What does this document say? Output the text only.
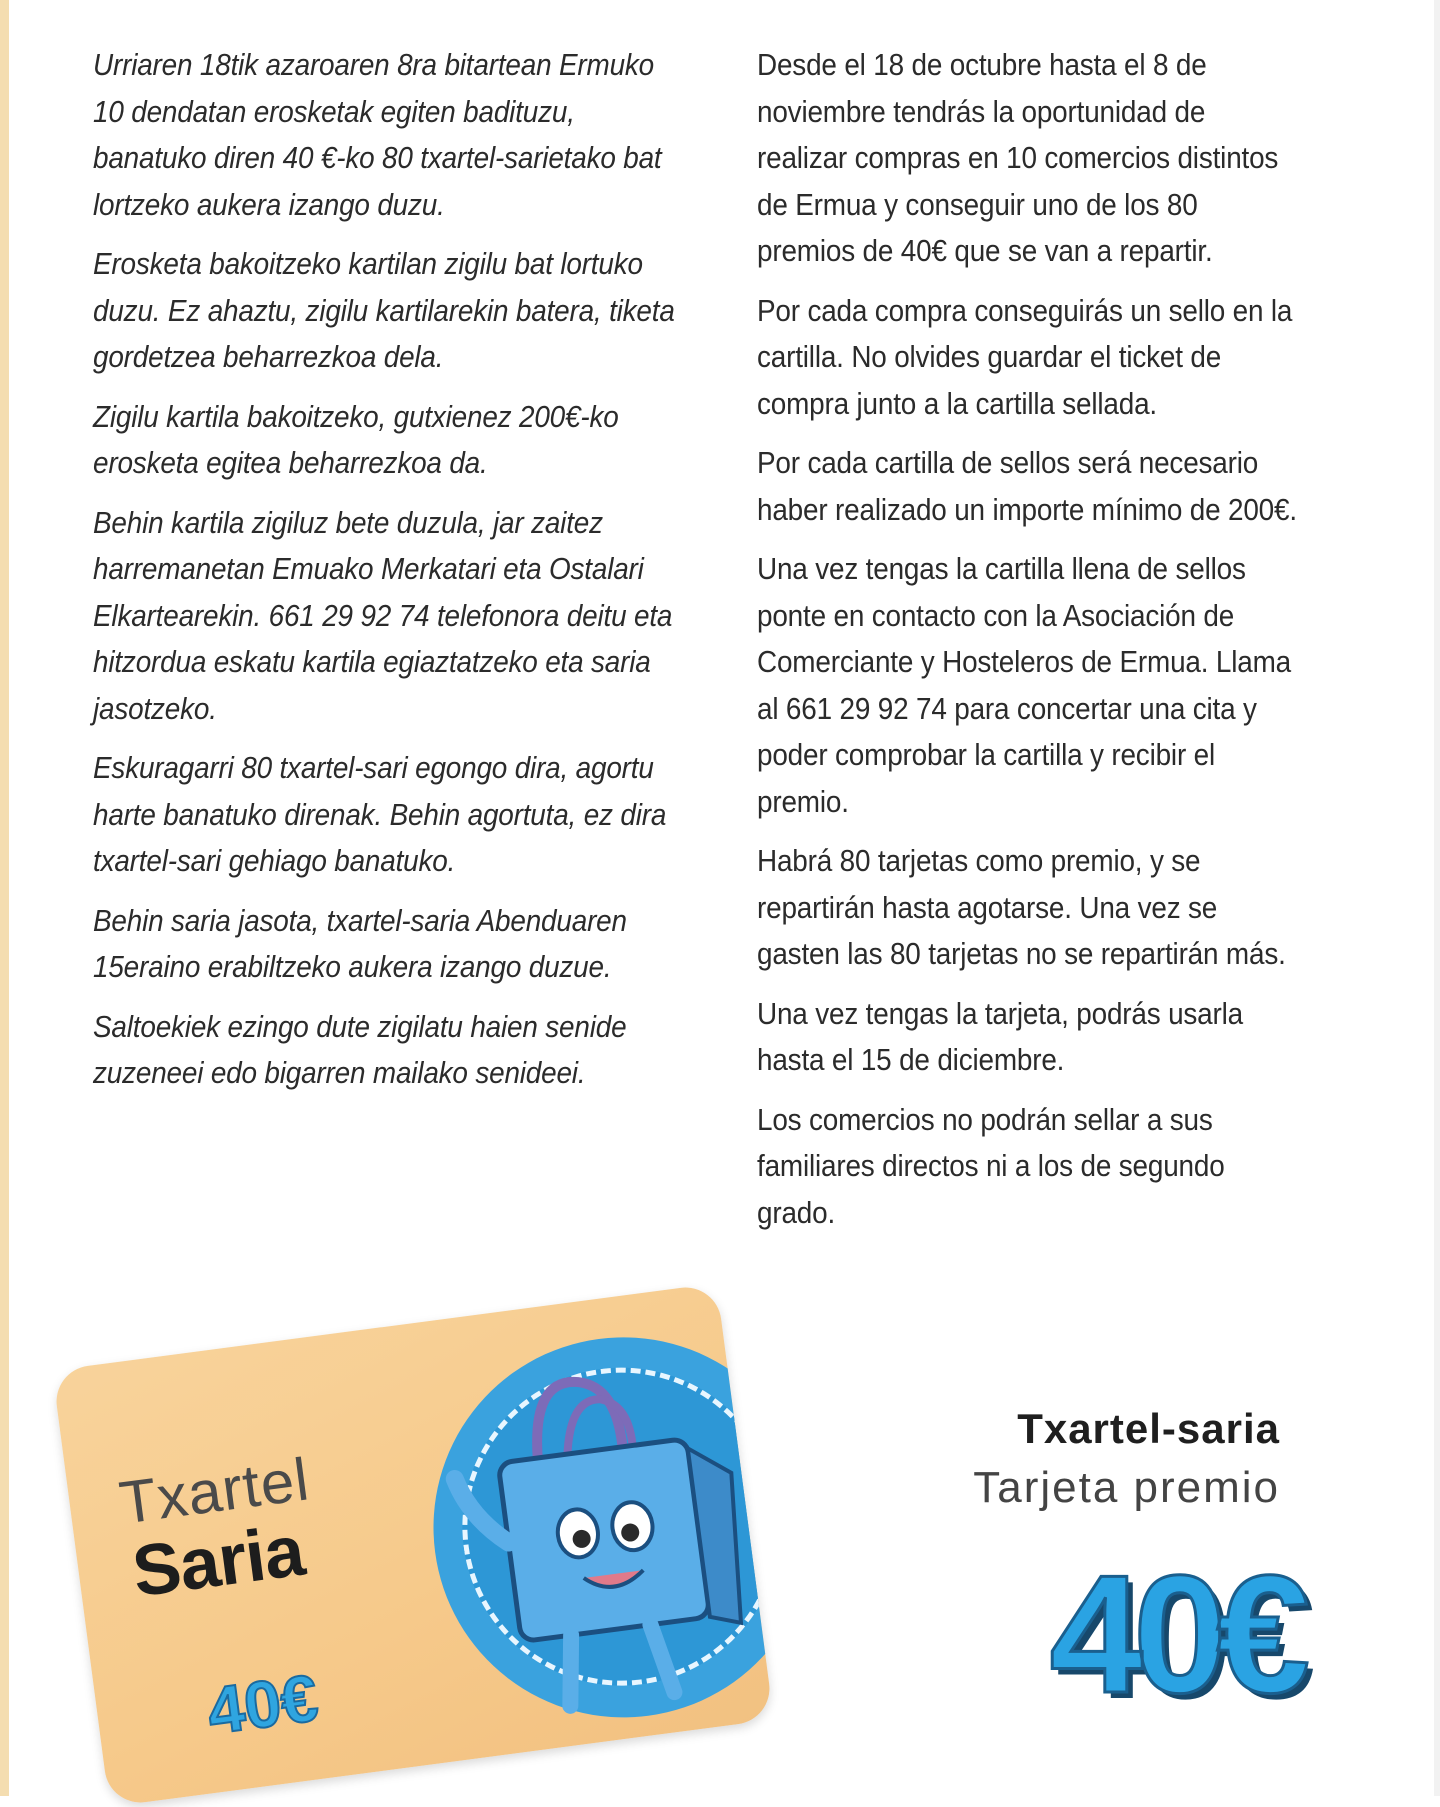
Urriaren 18tik azaroaren 8ra bitartean Ermuko 10 dendatan erosketak egiten badituzu, banatuko diren 40 €-ko 80 txartel-sarietako bat lortzeko aukera izango duzu.

Erosketa bakoitzeko kartilan zigilu bat lortuko duzu. Ez ahaztu, zigilu kartilarekin batera, tiketa gordetzea beharrezkoa dela.

Zigilu kartila bakoitzeko, gutxienez 200€-ko erosketa egitea beharrezkoa da.

Behin kartila zigiluz bete duzula, jar zaitez harremanetan Emuako Merkatari eta Ostalari Elkartearekin. 661 29 92 74 telefonora deitu eta hitzordua eskatu kartila egiaztatzeko eta saria jasotzeko.

Eskuragarri 80 txartel-sari egongo dira, agortu harte banatuko direnak. Behin agortuta, ez dira txartel-sari gehiago banatuko.

Behin saria jasota, txartel-saria Abenduaren 15eraino erabiltzeko aukera izango duzue.

Saltoekiek ezingo dute zigilatu haien senide zuzeneei edo bigarren mailako senideei.

Desde el 18 de octubre hasta el 8 de noviembre tendrás la oportunidad de realizar compras en 10 comercios distintos de Ermua y conseguir uno de los 80 premios de 40€ que se van a repartir.

Por cada compra conseguirás un sello en la cartilla. No olvides guardar el ticket de compra junto a la cartilla sellada.

Por cada cartilla de sellos será necesario haber realizado un importe mínimo de 200€.

Una vez tengas la cartilla llena de sellos ponte en contacto con la Asociación de Comerciante y Hosteleros de Ermua. Llama al 661 29 92 74 para concertar una cita y poder comprobar la cartilla y recibir el premio.

Habrá 80 tarjetas como premio, y se repartirán hasta agotarse. Una vez se gasten las 80 tarjetas no se repartirán más.

Una vez tengas la tarjeta, podrás usarla hasta el 15 de diciembre.

Los comercios no podrán sellar a sus familiares directos ni a los de segundo grado.

Txartel
Saria
40€
Txartel-saria
Tarjeta premio
40€
